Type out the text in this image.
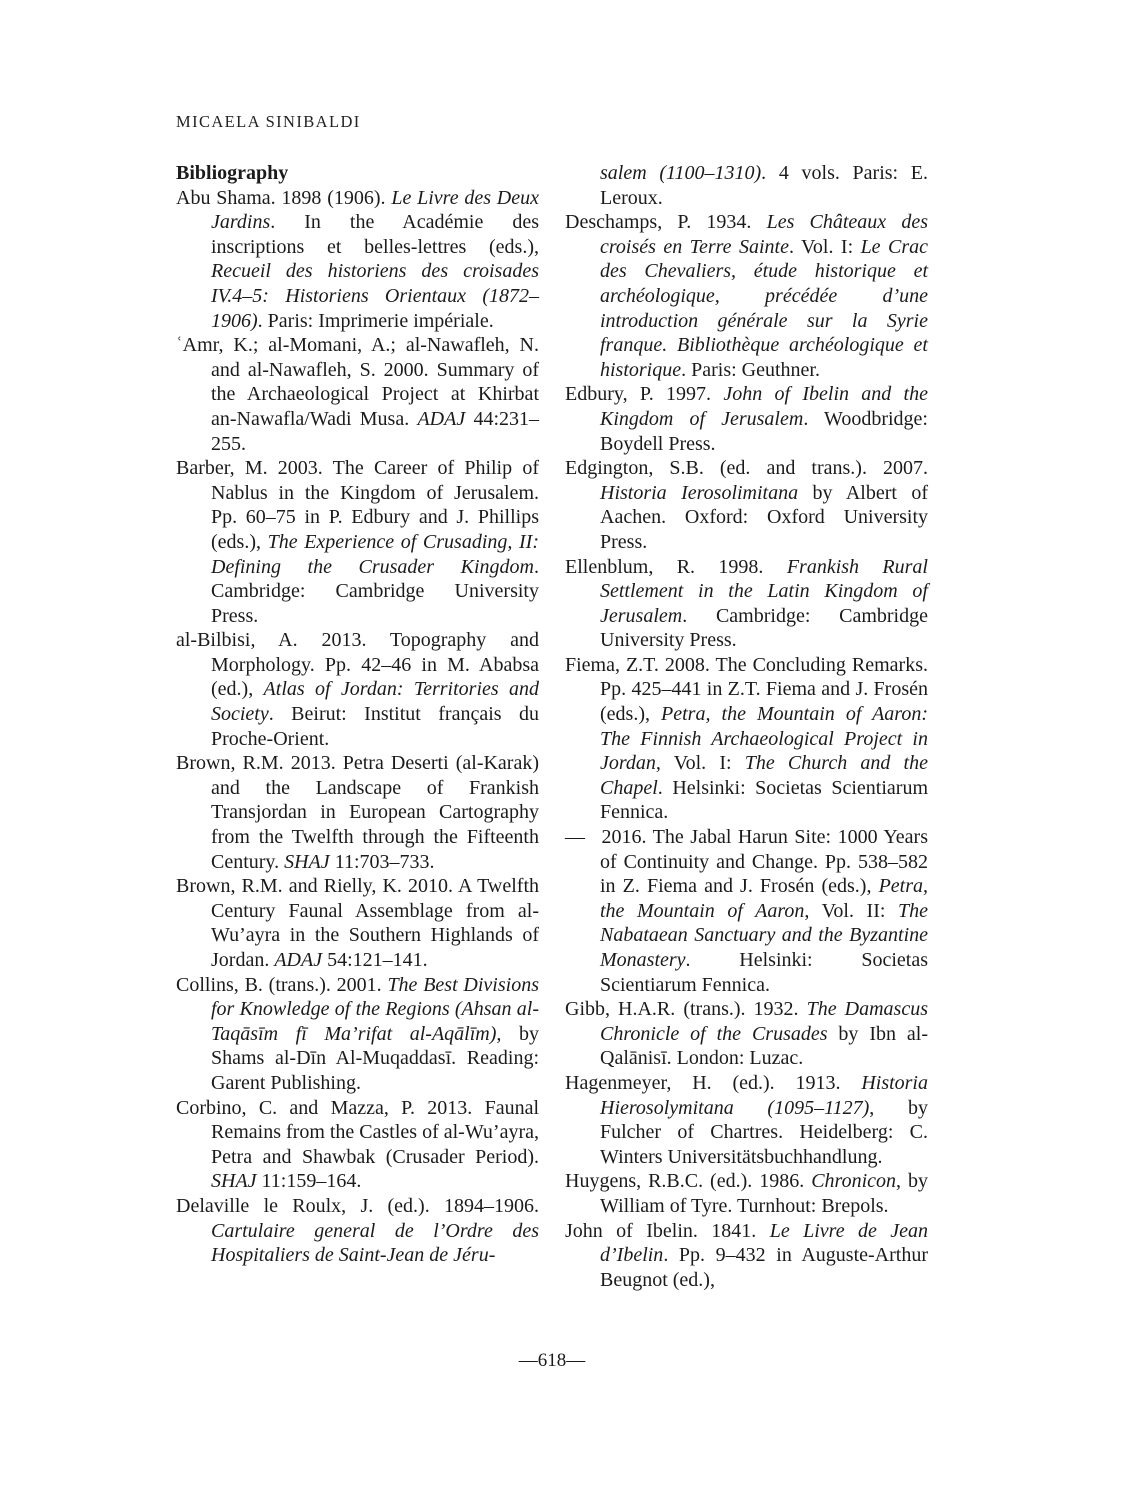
MICAELA SINIBALDI

Bibliography

Abu Shama. 1898 (1906). Le Livre des Deux Jardins. In the Académie des inscriptions et belles-lettres (eds.), Recueil des historiens des croisades IV.4–5: Historiens Orientaux (1872–1906). Paris: Imprimerie impériale.

ʿAmr, K.; al-Momani, A.; al-Nawafleh, N. and al-Nawafleh, S. 2000. Summary of the Archaeological Project at Khirbat an-Nawafla/Wadi Musa. ADAJ 44:231–255.

Barber, M. 2003. The Career of Philip of Nablus in the Kingdom of Jerusalem. Pp. 60–75 in P. Edbury and J. Phillips (eds.), The Experience of Crusading, II: Defining the Crusader Kingdom. Cambridge: Cambridge University Press.

al-Bilbisi, A. 2013. Topography and Morphology. Pp. 42–46 in M. Ababsa (ed.), Atlas of Jordan: Territories and Society. Beirut: Institut français du Proche-Orient.

Brown, R.M. 2013. Petra Deserti (al-Karak) and the Landscape of Frankish Transjordan in European Cartography from the Twelfth through the Fifteenth Century. SHAJ 11:703–733.

Brown, R.M. and Rielly, K. 2010. A Twelfth Century Faunal Assemblage from al-Wu’ayra in the Southern Highlands of Jordan. ADAJ 54:121–141.

Collins, B. (trans.). 2001. The Best Divisions for Knowledge of the Regions (Ahsan al-Taqāsīm fī Ma’rifat al-Aqālīm), by Shams al-Dīn Al-Muqaddasī. Reading: Garent Publishing.

Corbino, C. and Mazza, P. 2013. Faunal Remains from the Castles of al-Wu’ayra, Petra and Shawbak (Crusader Period). SHAJ 11:159–164.

Delaville le Roulx, J. (ed.). 1894–1906. Cartulaire general de l’Ordre des Hospitaliers de Saint-Jean de Jéru-

salem (1100–1310). 4 vols. Paris: E. Leroux.

Deschamps, P. 1934. Les Châteaux des croisés en Terre Sainte. Vol. I: Le Crac des Chevaliers, étude historique et archéologique, précédée d’une introduction générale sur la Syrie franque. Bibliothèque archéologique et historique. Paris: Geuthner.

Edbury, P. 1997. John of Ibelin and the Kingdom of Jerusalem. Woodbridge: Boydell Press.

Edgington, S.B. (ed. and trans.). 2007. Historia Ierosolimitana by Albert of Aachen. Oxford: Oxford University Press.

Ellenblum, R. 1998. Frankish Rural Settlement in the Latin Kingdom of Jerusalem. Cambridge: Cambridge University Press.

Fiema, Z.T. 2008. The Concluding Remarks. Pp. 425–441 in Z.T. Fiema and J. Frosén (eds.), Petra, the Mountain of Aaron: The Finnish Archaeological Project in Jordan, Vol. I: The Church and the Chapel. Helsinki: Societas Scientiarum Fennica.

—  2016. The Jabal Harun Site: 1000 Years of Continuity and Change. Pp. 538–582 in Z. Fiema and J. Frosén (eds.), Petra, the Mountain of Aaron, Vol. II: The Nabataean Sanctuary and the Byzantine Monastery. Helsinki: Societas Scientiarum Fennica.

Gibb, H.A.R. (trans.). 1932. The Damascus Chronicle of the Crusades by Ibn al-Qalānisī. London: Luzac.

Hagenmeyer, H. (ed.). 1913. Historia Hierosolymitana (1095–1127), by Fulcher of Chartres. Heidelberg: C. Winters Universitätsbuchhandlung.

Huygens, R.B.C. (ed.). 1986. Chronicon, by William of Tyre. Turnhout: Brepols.

John of Ibelin. 1841. Le Livre de Jean d’Ibelin. Pp. 9–432 in Auguste-Arthur Beugnot (ed.),

—618—
